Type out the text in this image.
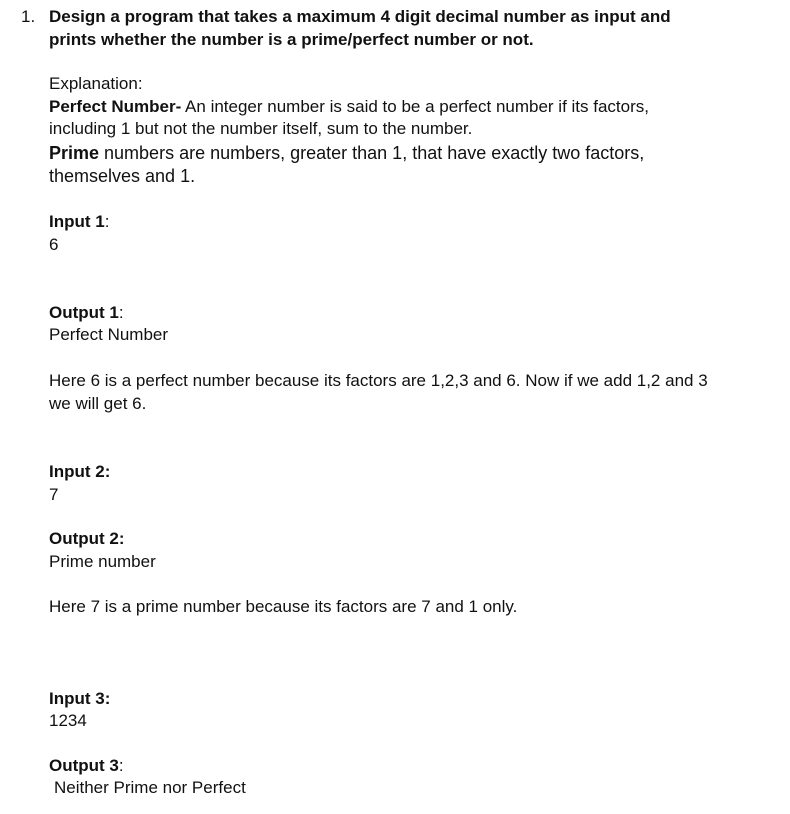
1. Design a program that takes a maximum 4 digit decimal number as input and

prints whether the number is a prime/perfect number or not.

Explanation:

Perfect Number- An integer number is said to be a perfect number if its factors,

including 1 but not the number itself, sum to the number.

Prime numbers are numbers, greater than 1, that have exactly two factors,

themselves and 1.

Input 1:

6

Output 1:

Perfect Number

Here 6 is a perfect number because its factors are 1,2,3 and 6. Now if we add 1,2 and 3

we will get 6.

Input 2:

7

Output 2:

Prime number

Here 7 is a prime number because its factors are 7 and 1 only.

Input 3:

1234

Output 3:

Neither Prime nor Perfect
